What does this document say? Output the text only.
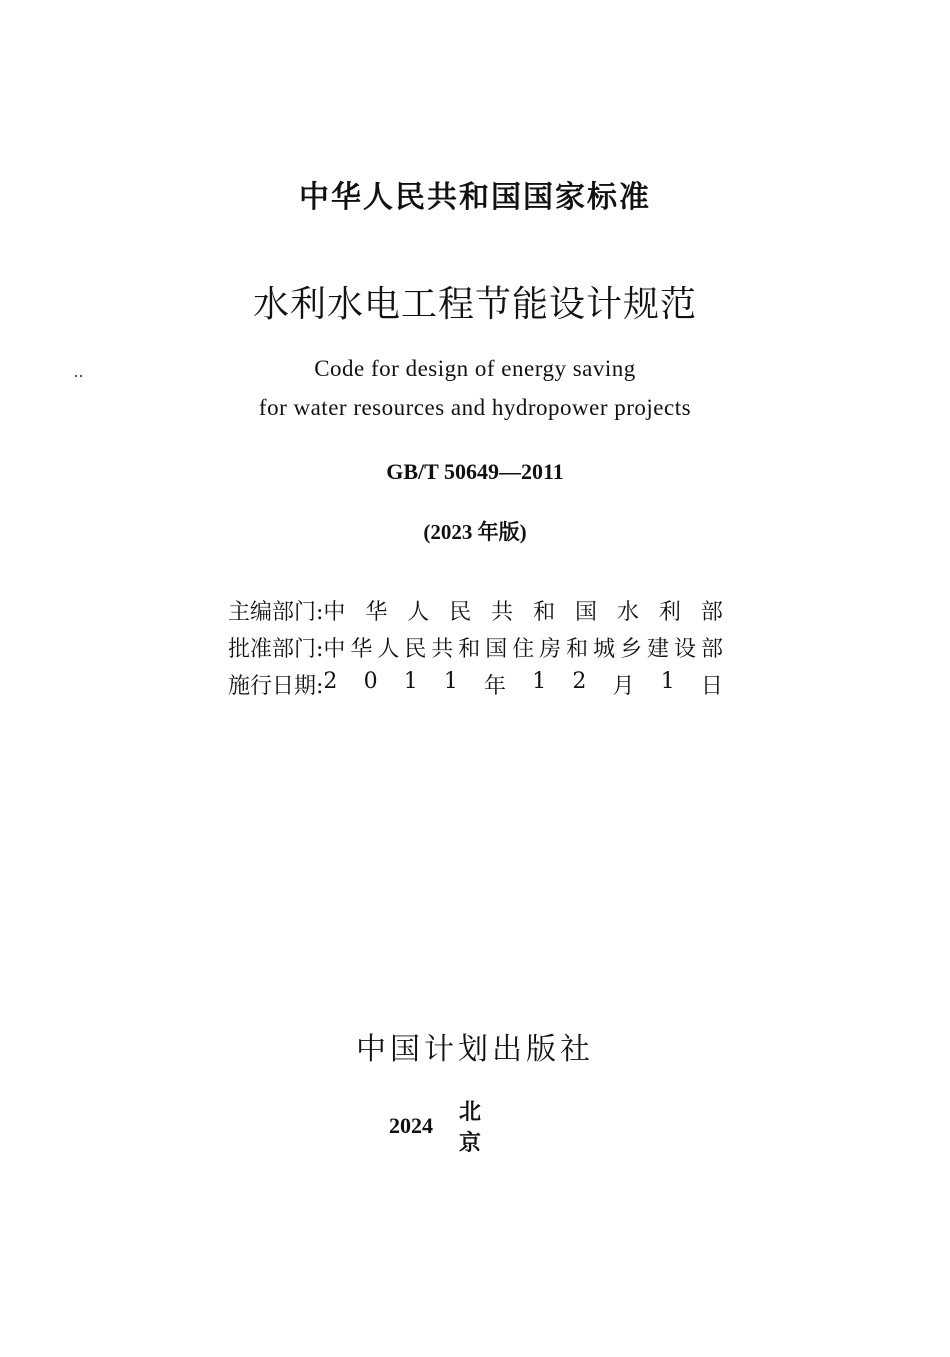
中华人民共和国国家标准
水利水电工程节能设计规范
Code for design of energy saving
for water resources and hydropower projects
GB/T 50649—2011
(2023 年版)
主编部门: 中 华 人 民 共 和 国 水 利 部
批准部门: 中 华 人 民 共 和 国 住 房 和 城 乡 建 设 部
施行日期: 2 0 1 1 年 1 2 月 1 日
中国计划出版社
2024
北京
